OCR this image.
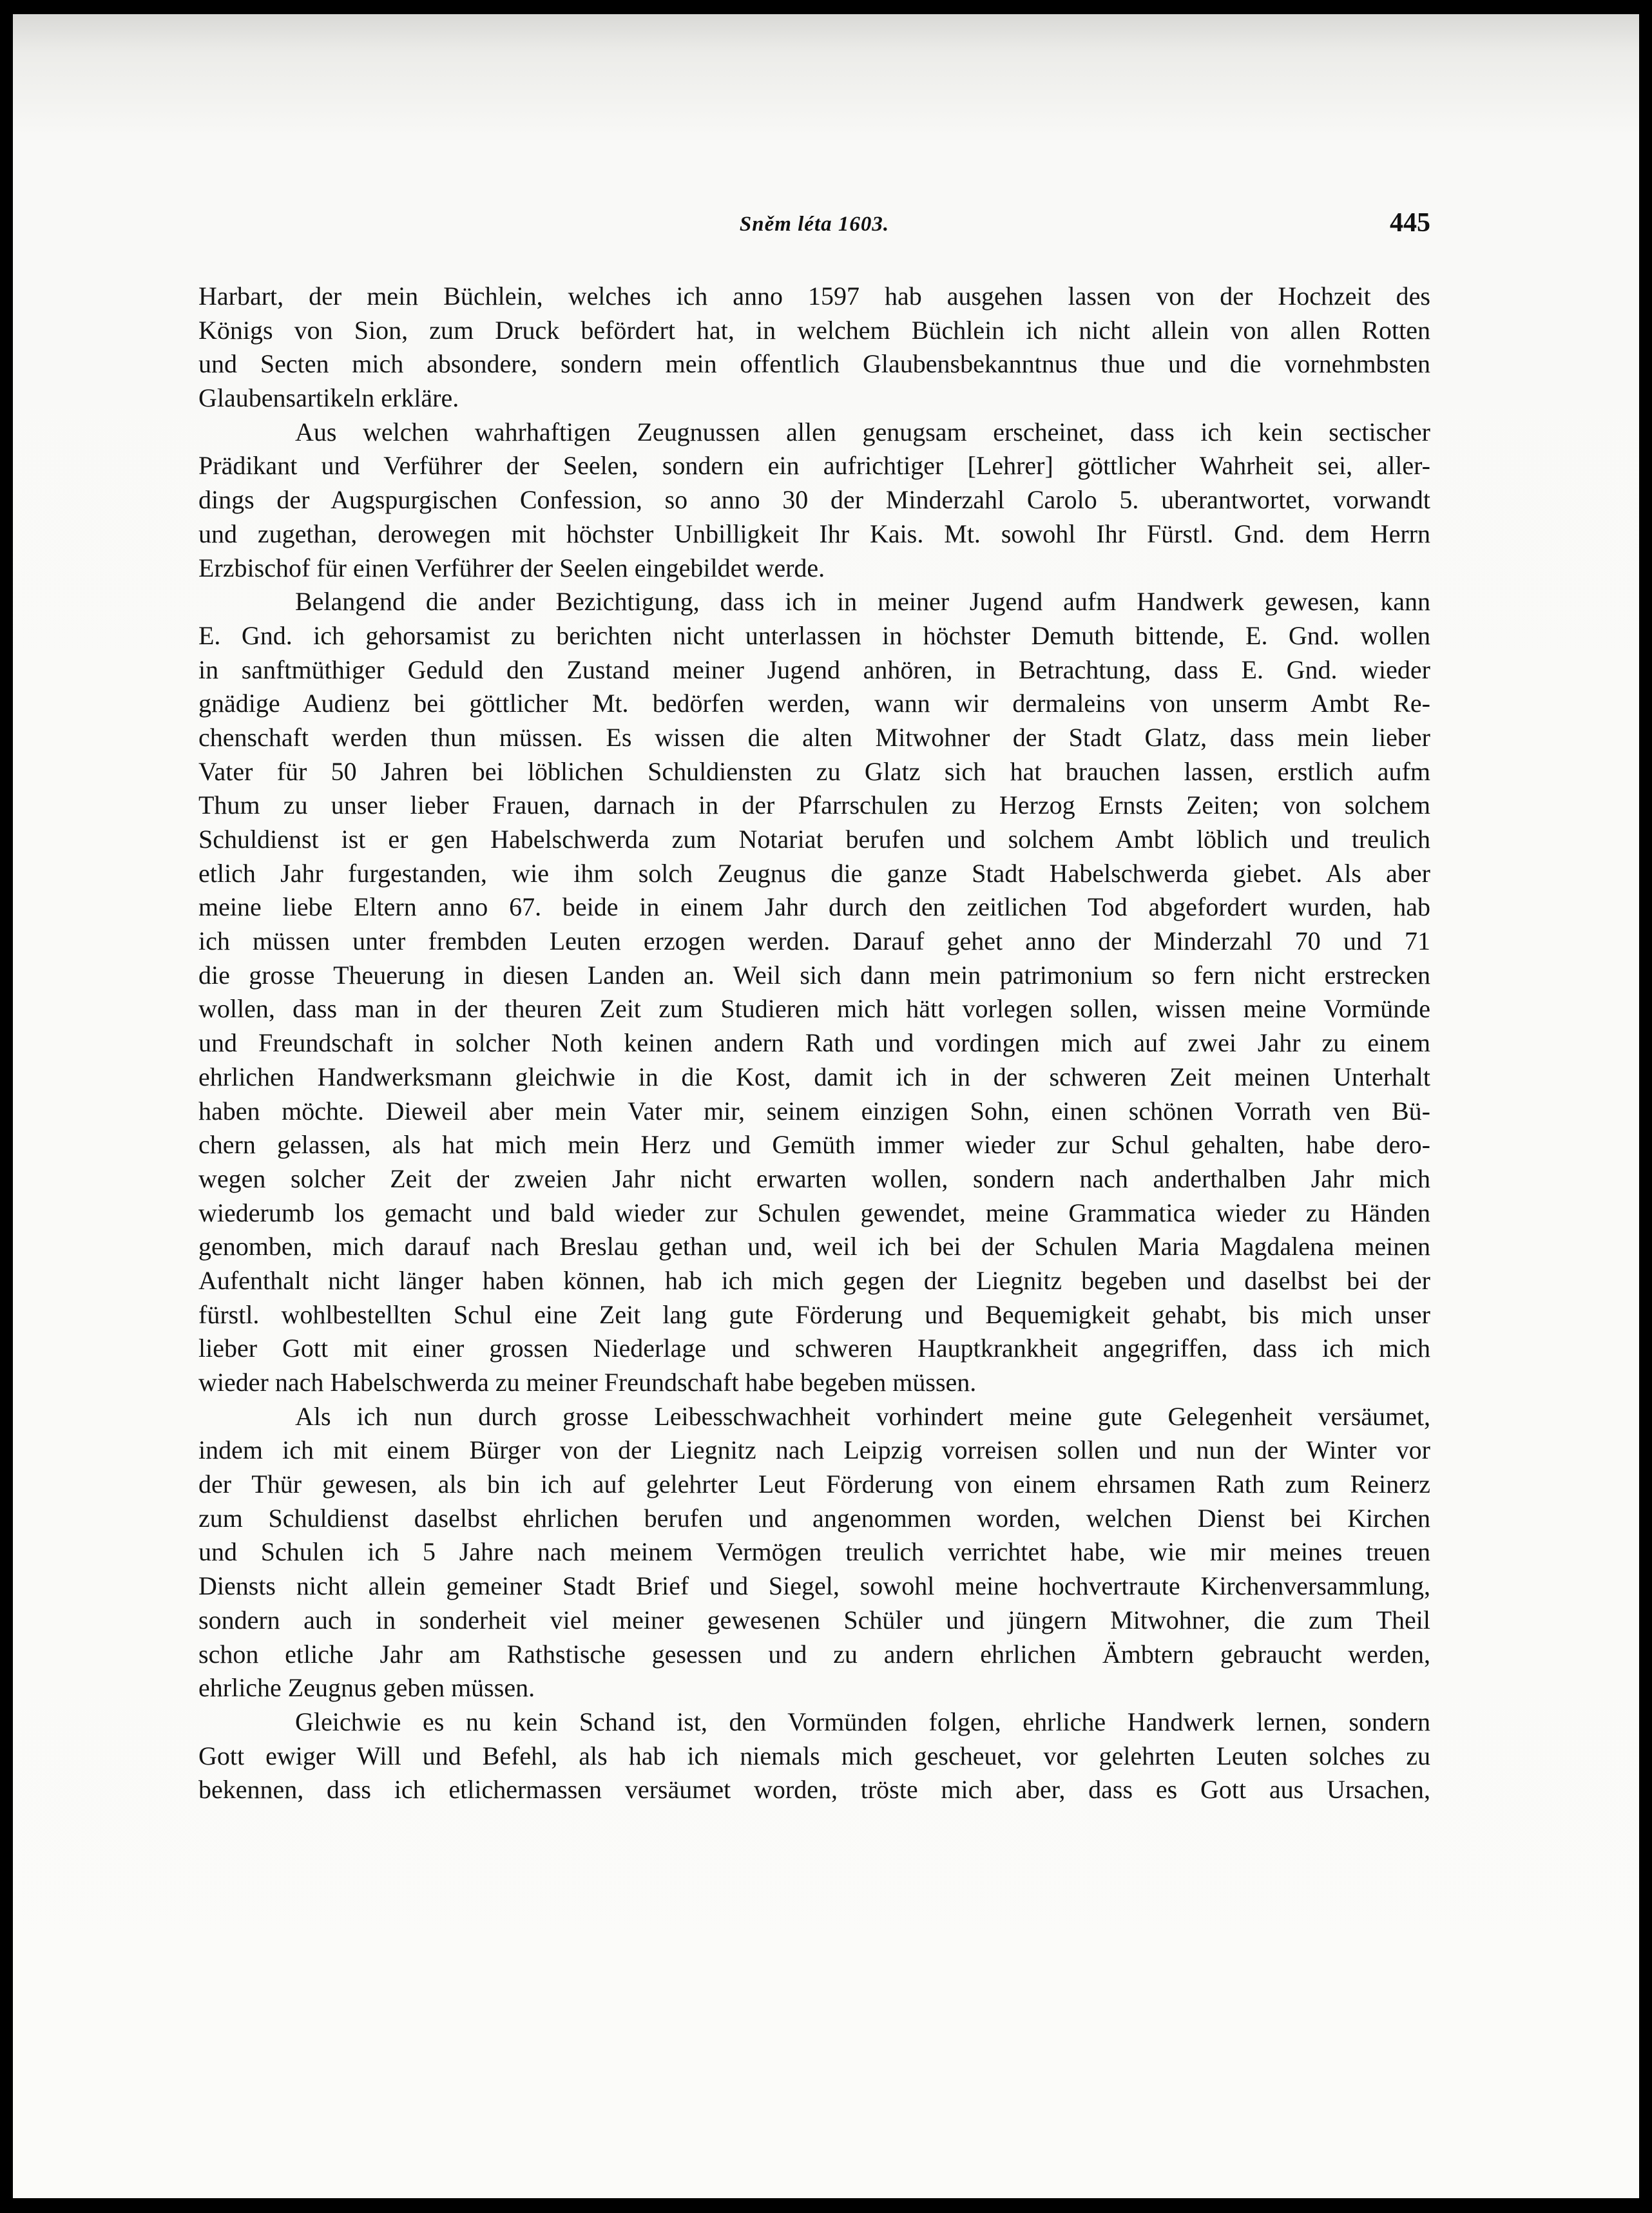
Sněm léta 1603.	445
Harbart, der mein Büchlein, welches ich anno 1597 hab ausgehen lassen von der Hochzeit des
Königs von Sion, zum Druck befördert hat, in welchem Büchlein ich nicht allein von allen Rotten
und Secten mich absondere, sondern mein offentlich Glaubensbekanntnus thue und die vornehmbsten
Glaubensartikeln erkläre.
Aus welchen wahrhaftigen Zeugnussen allen genugsam erscheinet, dass ich kein sectischer
Prädikant und Verführer der Seelen, sondern ein aufrichtiger [Lehrer] göttlicher Wahrheit sei, aller-
dings der Augspurgischen Confession, so anno 30 der Minderzahl Carolo 5. uberantwortet, vorwandt
und zugethan, derowegen mit höchster Unbilligkeit Ihr Kais. Mt. sowohl Ihr Fürstl. Gnd. dem Herrn
Erzbischof für einen Verführer der Seelen eingebildet werde.
Belangend die ander Bezichtigung, dass ich in meiner Jugend aufm Handwerk gewesen, kann
E. Gnd. ich gehorsamist zu berichten nicht unterlassen in höchster Demuth bittende, E. Gnd. wollen
in sanftmüthiger Geduld den Zustand meiner Jugend anhören, in Betrachtung, dass E. Gnd. wieder
gnädige Audienz bei göttlicher Mt. bedörfen werden, wann wir dermaleins von unserm Ambt Re-
chenschaft werden thun müssen. Es wissen die alten Mitwohner der Stadt Glatz, dass mein lieber
Vater für 50 Jahren bei löblichen Schuldiensten zu Glatz sich hat brauchen lassen, erstlich aufm
Thum zu unser lieber Frauen, darnach in der Pfarrschulen zu Herzog Ernsts Zeiten; von solchem
Schuldienst ist er gen Habelschwerda zum Notariat berufen und solchem Ambt löblich und treulich
etlich Jahr furgestanden, wie ihm solch Zeugnus die ganze Stadt Habelschwerda giebet. Als aber
meine liebe Eltern anno 67. beide in einem Jahr durch den zeitlichen Tod abgefordert wurden, hab
ich müssen unter frembden Leuten erzogen werden. Darauf gehet anno der Minderzahl 70 und 71
die grosse Theuerung in diesen Landen an. Weil sich dann mein patrimonium so fern nicht erstrecken
wollen, dass man in der theuren Zeit zum Studieren mich hätt vorlegen sollen, wissen meine Vormünde
und Freundschaft in solcher Noth keinen andern Rath und vordingen mich auf zwei Jahr zu einem
ehrlichen Handwerksmann gleichwie in die Kost, damit ich in der schweren Zeit meinen Unterhalt
haben möchte. Dieweil aber mein Vater mir, seinem einzigen Sohn, einen schönen Vorrath ven Bü-
chern gelassen, als hat mich mein Herz und Gemüth immer wieder zur Schul gehalten, habe dero-
wegen solcher Zeit der zweien Jahr nicht erwarten wollen, sondern nach anderthalben Jahr mich
wiederumb los gemacht und bald wieder zur Schulen gewendet, meine Grammatica wieder zu Händen
genomben, mich darauf nach Breslau gethan und, weil ich bei der Schulen Maria Magdalena meinen
Aufenthalt nicht länger haben können, hab ich mich gegen der Liegnitz begeben und daselbst bei der
fürstl. wohlbestellten Schul eine Zeit lang gute Förderung und Bequemigkeit gehabt, bis mich unser
lieber Gott mit einer grossen Niederlage und schweren Hauptkrankheit angegriffen, dass ich mich
wieder nach Habelschwerda zu meiner Freundschaft habe begeben müssen.
Als ich nun durch grosse Leibesschwachheit vorhindert meine gute Gelegenheit versäumet,
indem ich mit einem Bürger von der Liegnitz nach Leipzig vorreisen sollen und nun der Winter vor
der Thür gewesen, als bin ich auf gelehrter Leut Förderung von einem ehrsamen Rath zum Reinerz
zum Schuldienst daselbst ehrlichen berufen und angenommen worden, welchen Dienst bei Kirchen
und Schulen ich 5 Jahre nach meinem Vermögen treulich verrichtet habe, wie mir meines treuen
Diensts nicht allein gemeiner Stadt Brief und Siegel, sowohl meine hochvertraute Kirchenversammlung,
sondern auch in sonderheit viel meiner gewesenen Schüler und jüngern Mitwohner, die zum Theil
schon etliche Jahr am Rathstische gesessen und zu andern ehrlichen Ämbtern gebraucht werden,
ehrliche Zeugnus geben müssen.
Gleichwie es nu kein Schand ist, den Vormünden folgen, ehrliche Handwerk lernen, sondern
Gott ewiger Will und Befehl, als hab ich niemals mich gescheuet, vor gelehrten Leuten solches zu
bekennen, dass ich etlichermassen versäumet worden, tröste mich aber, dass es Gott aus Ursachen,
